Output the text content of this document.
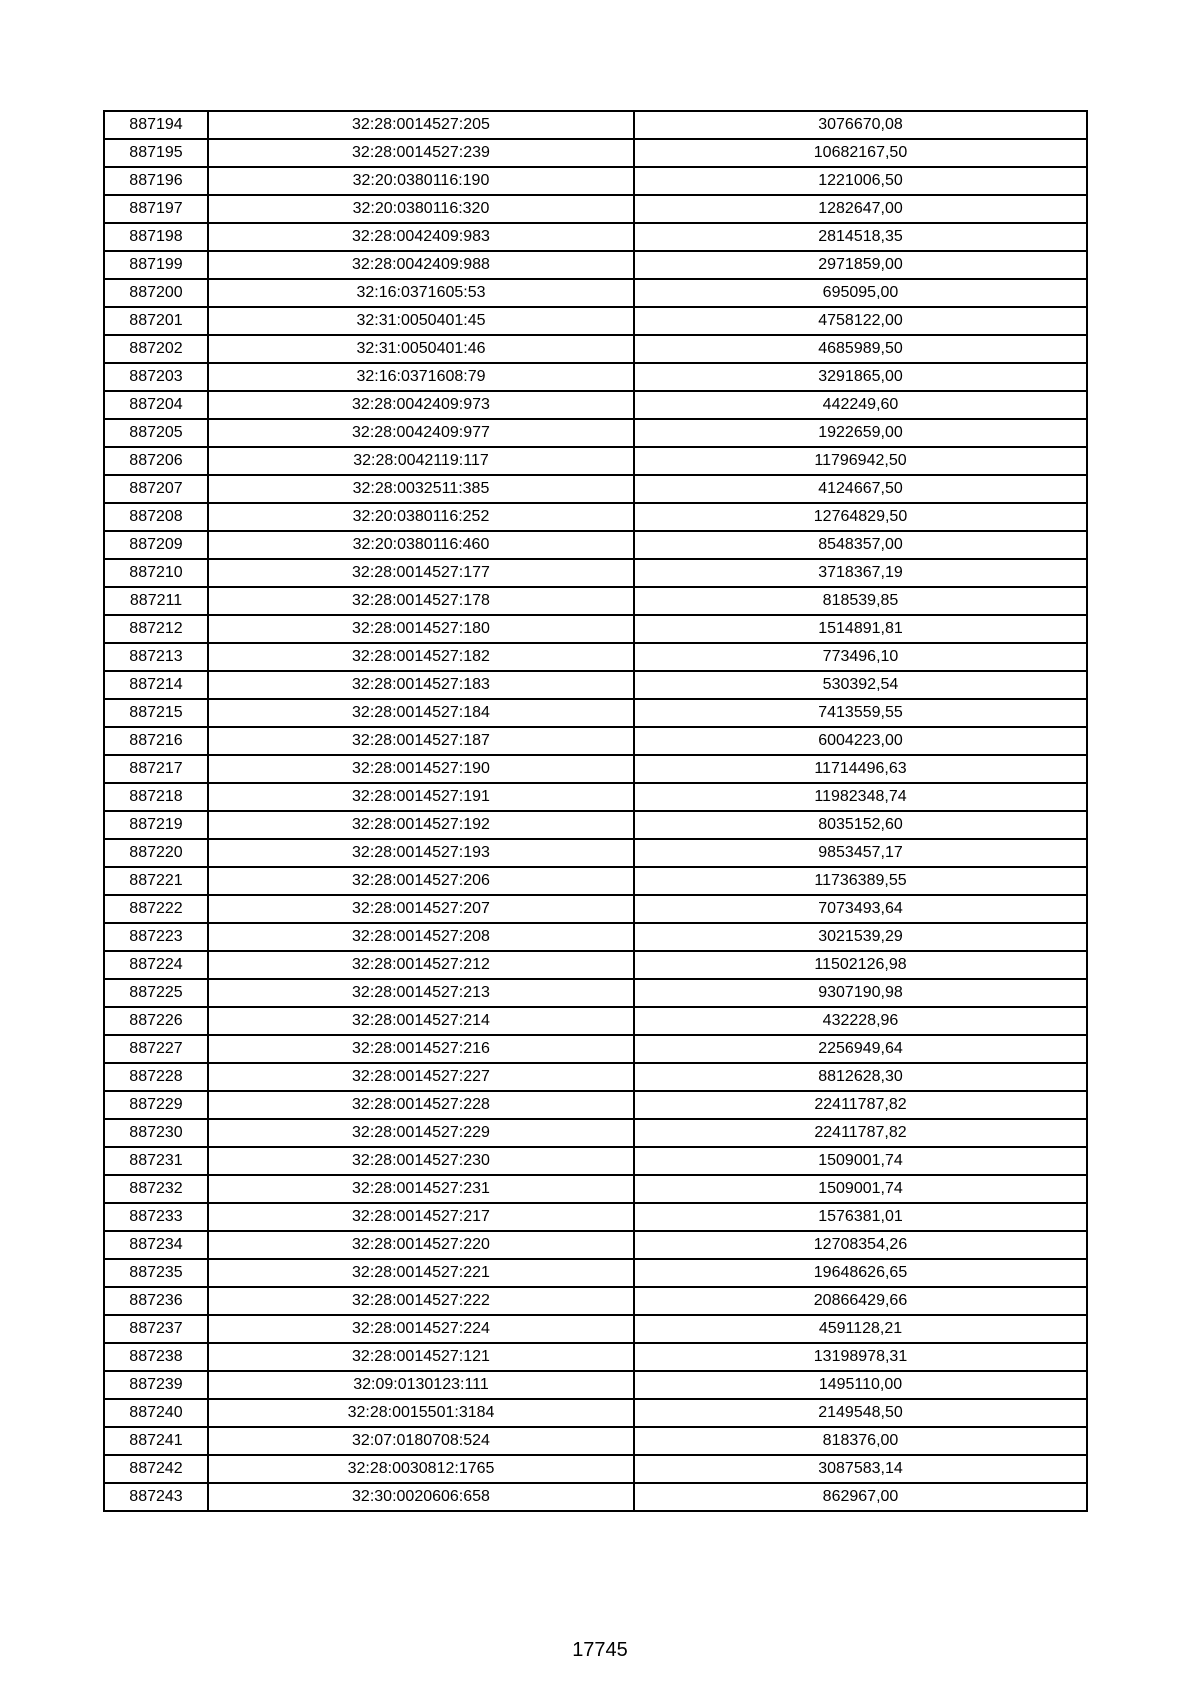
887194	32:28:0014527:205	3076670,08
887195	32:28:0014527:239	10682167,50
887196	32:20:0380116:190	1221006,50
887197	32:20:0380116:320	1282647,00
887198	32:28:0042409:983	2814518,35
887199	32:28:0042409:988	2971859,00
887200	32:16:0371605:53	695095,00
887201	32:31:0050401:45	4758122,00
887202	32:31:0050401:46	4685989,50
887203	32:16:0371608:79	3291865,00
887204	32:28:0042409:973	442249,60
887205	32:28:0042409:977	1922659,00
887206	32:28:0042119:117	11796942,50
887207	32:28:0032511:385	4124667,50
887208	32:20:0380116:252	12764829,50
887209	32:20:0380116:460	8548357,00
887210	32:28:0014527:177	3718367,19
887211	32:28:0014527:178	818539,85
887212	32:28:0014527:180	1514891,81
887213	32:28:0014527:182	773496,10
887214	32:28:0014527:183	530392,54
887215	32:28:0014527:184	7413559,55
887216	32:28:0014527:187	6004223,00
887217	32:28:0014527:190	11714496,63
887218	32:28:0014527:191	11982348,74
887219	32:28:0014527:192	8035152,60
887220	32:28:0014527:193	9853457,17
887221	32:28:0014527:206	11736389,55
887222	32:28:0014527:207	7073493,64
887223	32:28:0014527:208	3021539,29
887224	32:28:0014527:212	11502126,98
887225	32:28:0014527:213	9307190,98
887226	32:28:0014527:214	432228,96
887227	32:28:0014527:216	2256949,64
887228	32:28:0014527:227	8812628,30
887229	32:28:0014527:228	22411787,82
887230	32:28:0014527:229	22411787,82
887231	32:28:0014527:230	1509001,74
887232	32:28:0014527:231	1509001,74
887233	32:28:0014527:217	1576381,01
887234	32:28:0014527:220	12708354,26
887235	32:28:0014527:221	19648626,65
887236	32:28:0014527:222	20866429,66
887237	32:28:0014527:224	4591128,21
887238	32:28:0014527:121	13198978,31
887239	32:09:0130123:111	1495110,00
887240	32:28:0015501:3184	2149548,50
887241	32:07:0180708:524	818376,00
887242	32:28:0030812:1765	3087583,14
887243	32:30:0020606:658	862967,00
17745
